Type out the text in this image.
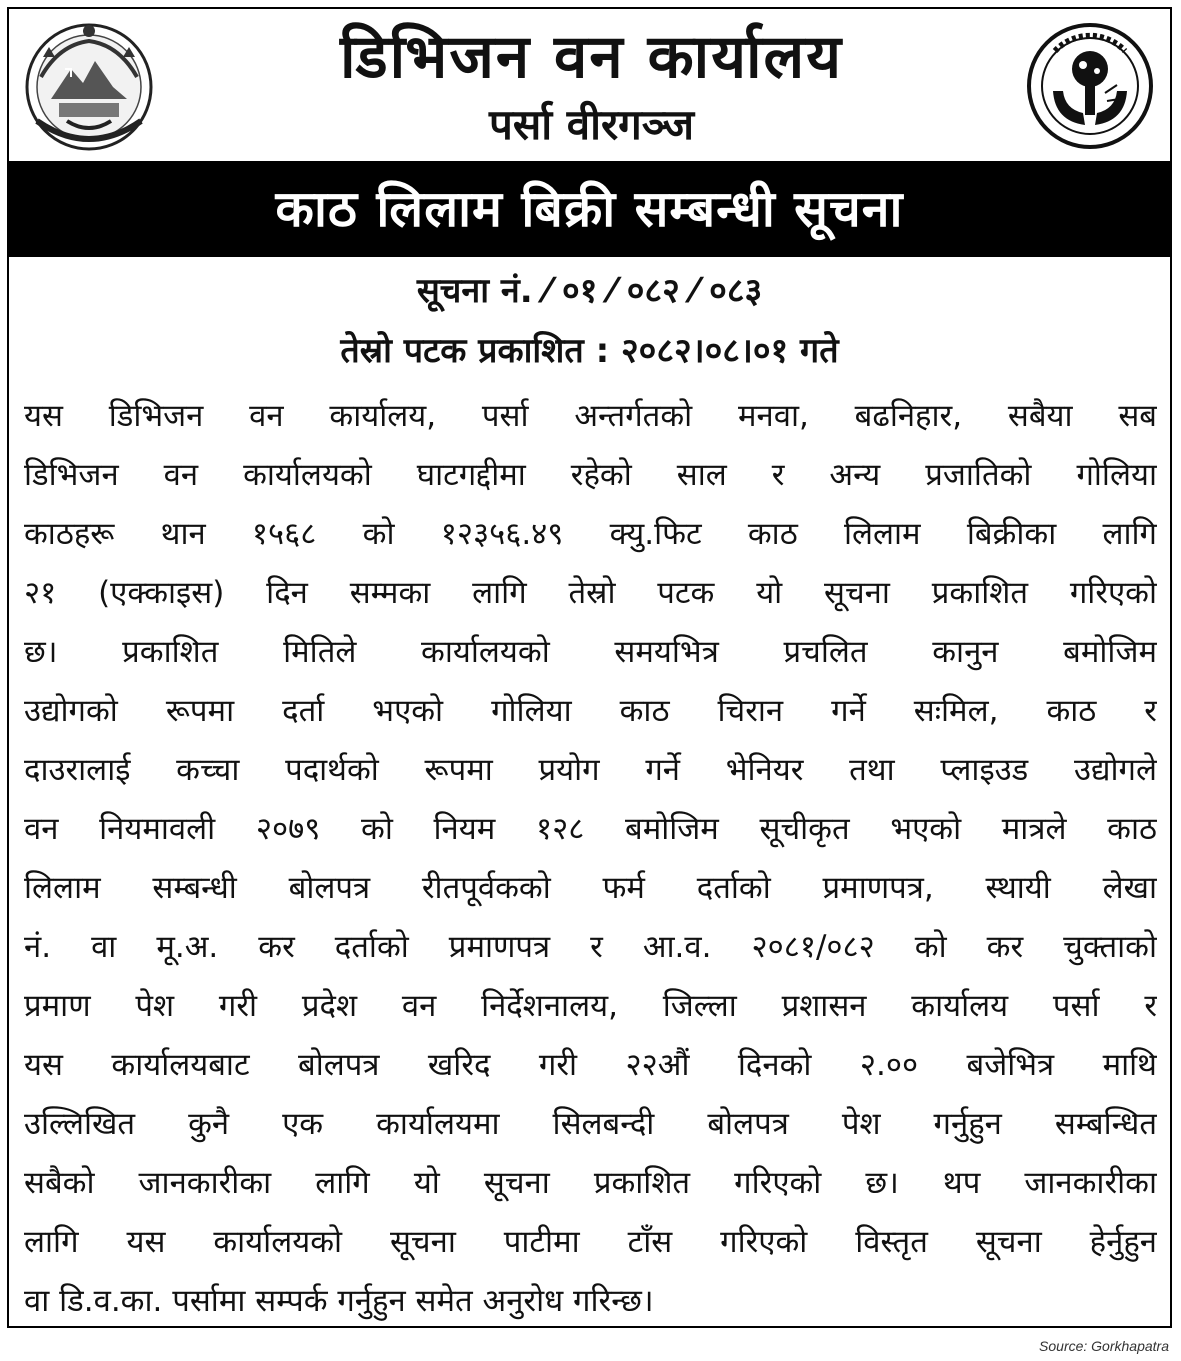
डिभिजन वन कार्यालय
पर्सा वीरगञ्ज
काठ लिलाम बिक्री सम्बन्धी सूचना
सूचना नं. ⁄ ०१ ⁄ ०८२ ⁄ ०८३
तेस्रो पटक प्रकाशित : २०८२।०८।०१ गते
यस डिभिजन वन कार्यालय, पर्सा अन्तर्गतको मनवा, बढनिहार, सबैया सब
डिभिजन वन कार्यालयको घाटगद्दीमा रहेको साल र अन्य प्रजातिको गोलिया
काठहरू थान १५६८ को १२३५६.४९ क्यु.फिट काठ लिलाम बिक्रीका लागि
२१ (एक्काइस) दिन सम्मका लागि तेस्रो पटक यो सूचना प्रकाशित गरिएको
छ। प्रकाशित मितिले कार्यालयको समयभित्र प्रचलित कानुन बमोजिम
उद्योगको रूपमा दर्ता भएको गोलिया काठ चिरान गर्ने सःमिल, काठ र
दाउरालाई कच्चा पदार्थको रूपमा प्रयोग गर्ने भेनियर तथा प्लाइउड उद्योगले
वन नियमावली २०७९ को नियम १२८ बमोजिम सूचीकृत भएको मात्रले काठ
लिलाम सम्बन्धी बोलपत्र रीतपूर्वकको फर्म दर्ताको प्रमाणपत्र, स्थायी लेखा
नं. वा मू.अ. कर दर्ताको प्रमाणपत्र र आ.व. २०८१/०८२ को कर चुक्ताको
प्रमाण पेश गरी प्रदेश वन निर्देशनालय, जिल्ला प्रशासन कार्यालय पर्सा र
यस कार्यालयबाट बोलपत्र खरिद गरी २२औं दिनको २.०० बजेभित्र माथि
उल्लिखित कुनै एक कार्यालयमा सिलबन्दी बोलपत्र पेश गर्नुहुन सम्बन्धित
सबैको जानकारीका लागि यो सूचना प्रकाशित गरिएको छ। थप जानकारीका
लागि यस कार्यालयको सूचना पाटीमा टाँस गरिएको विस्तृत सूचना हेर्नुहुन
वा डि.व.का. पर्सामा सम्पर्क गर्नुहुन समेत अनुरोध गरिन्छ।
Source: Gorkhapatra
